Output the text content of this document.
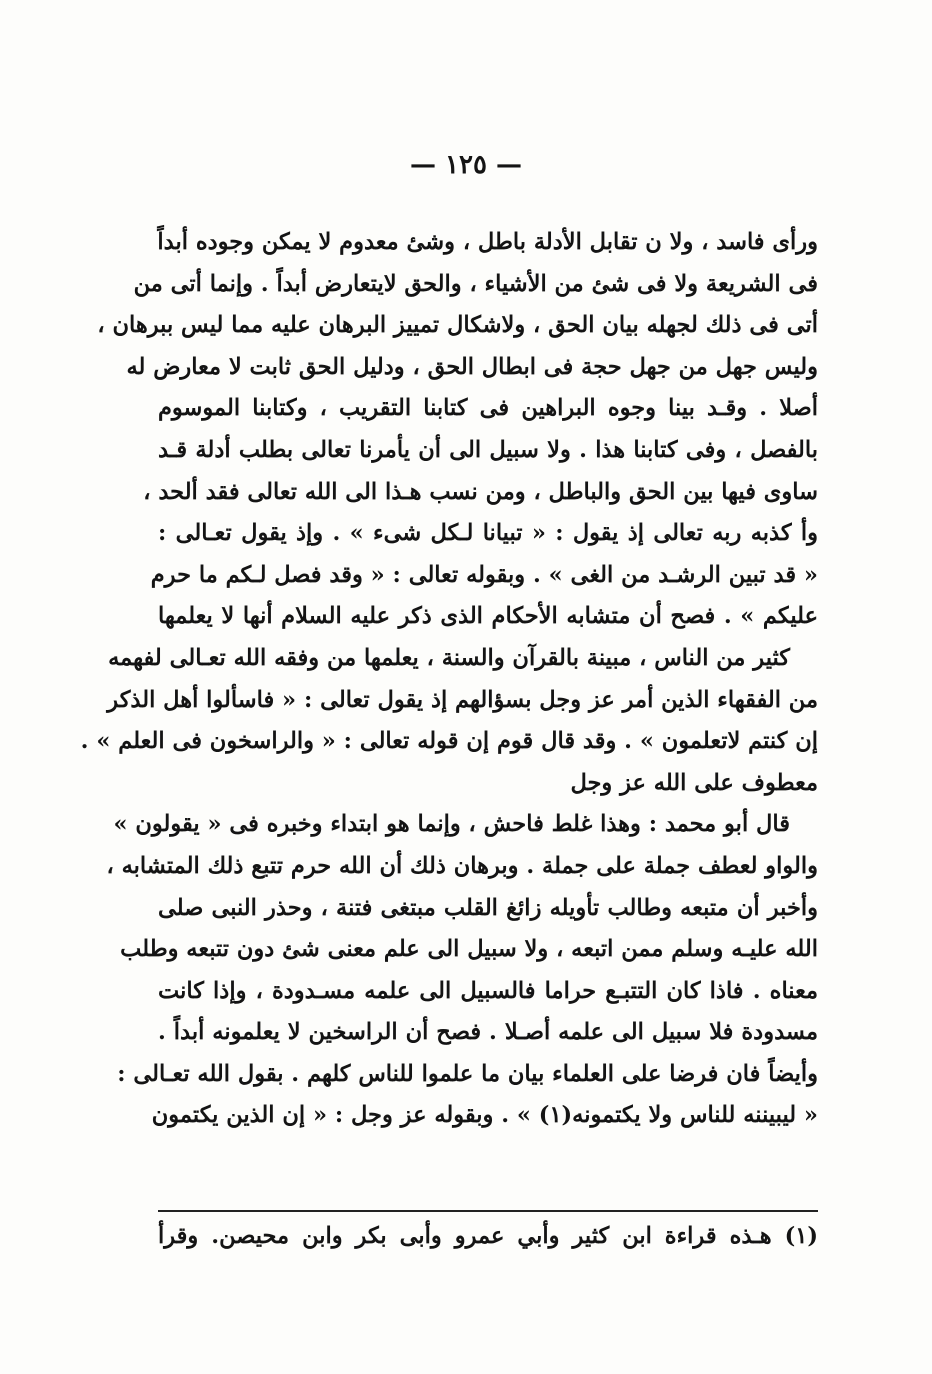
— ١٢٥ —
ورأى فاسد ، ولا ن تقابل الأدلة باطل ، وشىٔ معدوم لا يمكن وجوده أبداً
فى الشريعة ولا فى شئ من الأشياء ، والحق لايتعارض أبداً . وإنما أتى من
أتى فى ذلك لجهله بيان الحق ، ولاشكال تمييز البرهان عليه مما ليس ببرهان ،
وليس جهل من جهل حجة فى ابطال الحق ، ودليل الحق ثابت لا معارض له
أصلا . وقـد بينا وجوه البراهين فى كتابنا التقريب ، وكتابنا الموسوم
بالفصل ، وفى كتابنا هذا . ولا سبيل الى أن يأمرنا تعالى بطلب أدلة قـد
ساوى فيها بين الحق والباطل ، ومن نسب هـذا الى الله تعالى فقد ألحد ،
وأ كذبه ربه تعالى إذ يقول : « تبيانا لـكل شىء » . وإذ يقول تعـالى :
« قد تبين الرشـد من الغى » . وبقوله تعالى : « وقد فصل لـكم ما حرم
عليكم » . فصح أن متشابه الأحكام الذى ذكر عليه السلام أنها لا يعلمها
كثير من الناس ، مبينة بالقرآن والسنة ، يعلمها من وفقه الله تعـالى لفهمه
من الفقهاء الذين أمر عز وجل بسؤالهم إذ يقول تعالى : « فاسألوا أهل الذكر
إن كنتم لاتعلمون » . وقد قال قوم إن قوله تعالى : « والراسخون فى العلم » .
معطوف على الله عز وجل
قال أبو محمد : وهذا غلط فاحش ، وإنما هو ابتداء وخبره فى « يقولون »
والواو لعطف جملة على جملة . وبرهان ذلك أن الله حرم تتبع ذلك المتشابه ،
وأخبر أن متبعه وطالب تأويله زائغ القلب مبتغى فتنة ، وحذر النبى صلى
الله عليـه وسلم ممن اتبعه ، ولا سبيل الى علم معنى شئ دون تتبعه وطلب
معناه . فاذا كان التتبـع حراما فالسبيل الى علمه مسـدودة ، وإذا كانت
مسدودة فلا سبيل الى علمه أصـلا . فصح أن الراسخين لا يعلمونه أبداً .
وأيضاً فان فرضا على العلماء بيان ما علموا للناس كلهم . بقول الله تعـالى :
« ليبيننه للناس ولا يكتمونه(١) » . وبقوله عز وجل : « إن الذين يكتمون
(١) هـذه قراءة ابن كثير وأبي عمرو وأبى بكر وابن محيصن. وقرأ
